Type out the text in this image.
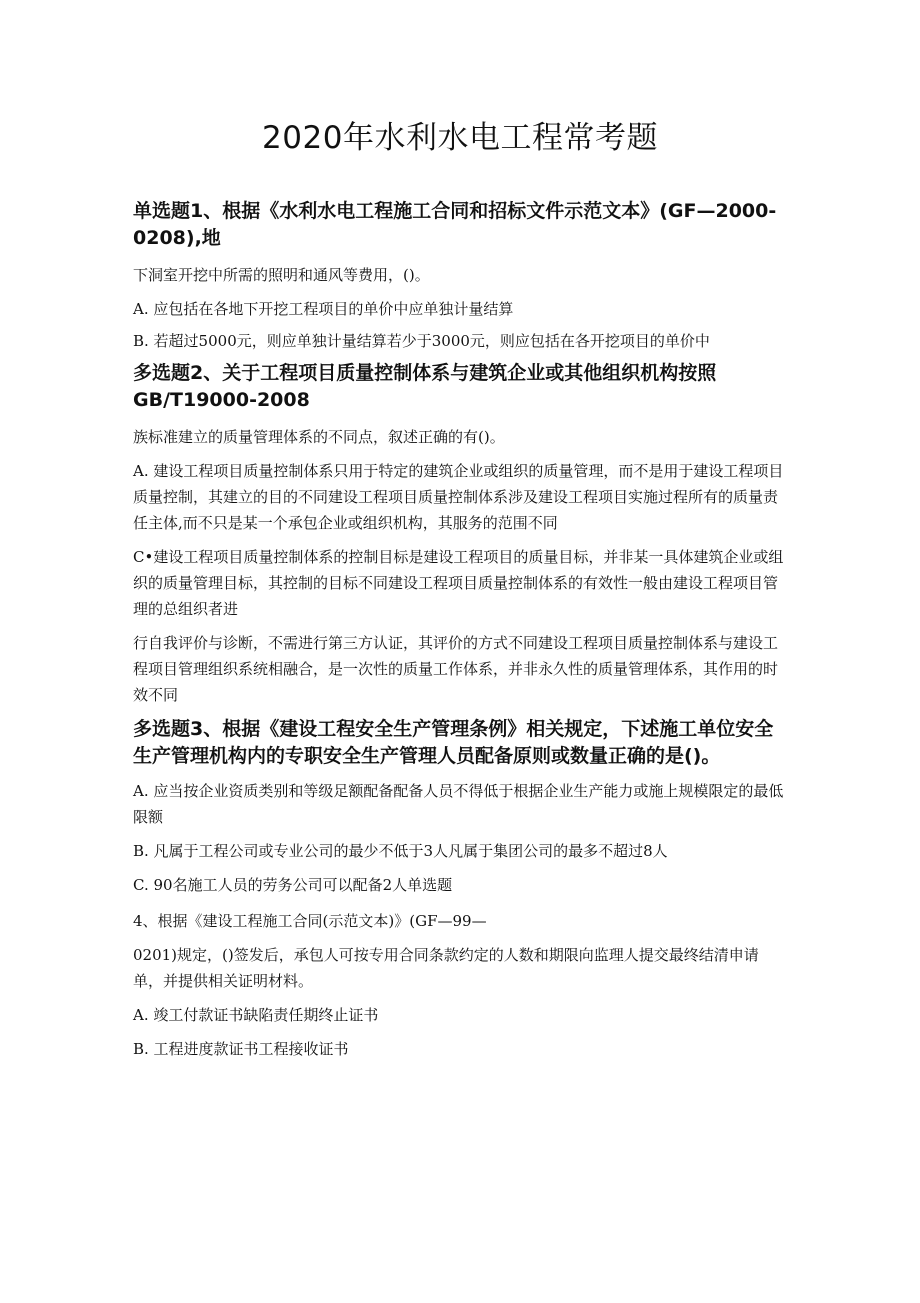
2020年水利水电工程常考题

单选题1、根据《水利水电工程施工合同和招标文件示范文本》(GF—2000-0208),地

下洞室开挖中所需的照明和通风等费用，()。

A. 应包括在各地下开挖工程项目的单价中应单独计量结算

B. 若超过5000元，则应单独计量结算若少于3000元，则应包括在各开挖项目的单价中

多选题2、关于工程项目质量控制体系与建筑企业或其他组织机构按照GB/T19000-2008

族标准建立的质量管理体系的不同点，叙述正确的有()。

A. 建设工程项目质量控制体系只用于特定的建筑企业或组织的质量管理，而不是用于建设工程项目质量控制，其建立的目的不同建设工程项目质量控制体系涉及建设工程项目实施过程所有的质量责任主体,而不只是某一个承包企业或组织机构，其服务的范围不同

C•建设工程项目质量控制体系的控制目标是建设工程项目的质量目标，并非某一具体建筑企业或组织的质量管理目标，其控制的目标不同建设工程项目质量控制体系的有效性一般由建设工程项目管理的总组织者进

行自我评价与诊断，不需进行第三方认证，其评价的方式不同建设工程项目质量控制体系与建设工程项目管理组织系统相融合，是一次性的质量工作体系，并非永久性的质量管理体系，其作用的时效不同

多选题3、根据《建设工程安全生产管理条例》相关规定，下述施工单位安全生产管理机构内的专职安全生产管理人员配备原则或数量正确的是()。

A. 应当按企业资质类别和等级足额配备配备人员不得低于根据企业生产能力或施上规模限定的最低限额

B. 凡属于工程公司或专业公司的最少不低于3人凡属于集团公司的最多不超过8人

C. 90名施工人员的劳务公司可以配备2人单选题

4、根据《建设工程施工合同(示范文本)》(GF—99—

0201)规定，()签发后，承包人可按专用合同条款约定的人数和期限向监理人提交最终结清申请单，并提供相关证明材料。

A. 竣工付款证书缺陷责任期终止证书

B. 工程进度款证书工程接收证书
